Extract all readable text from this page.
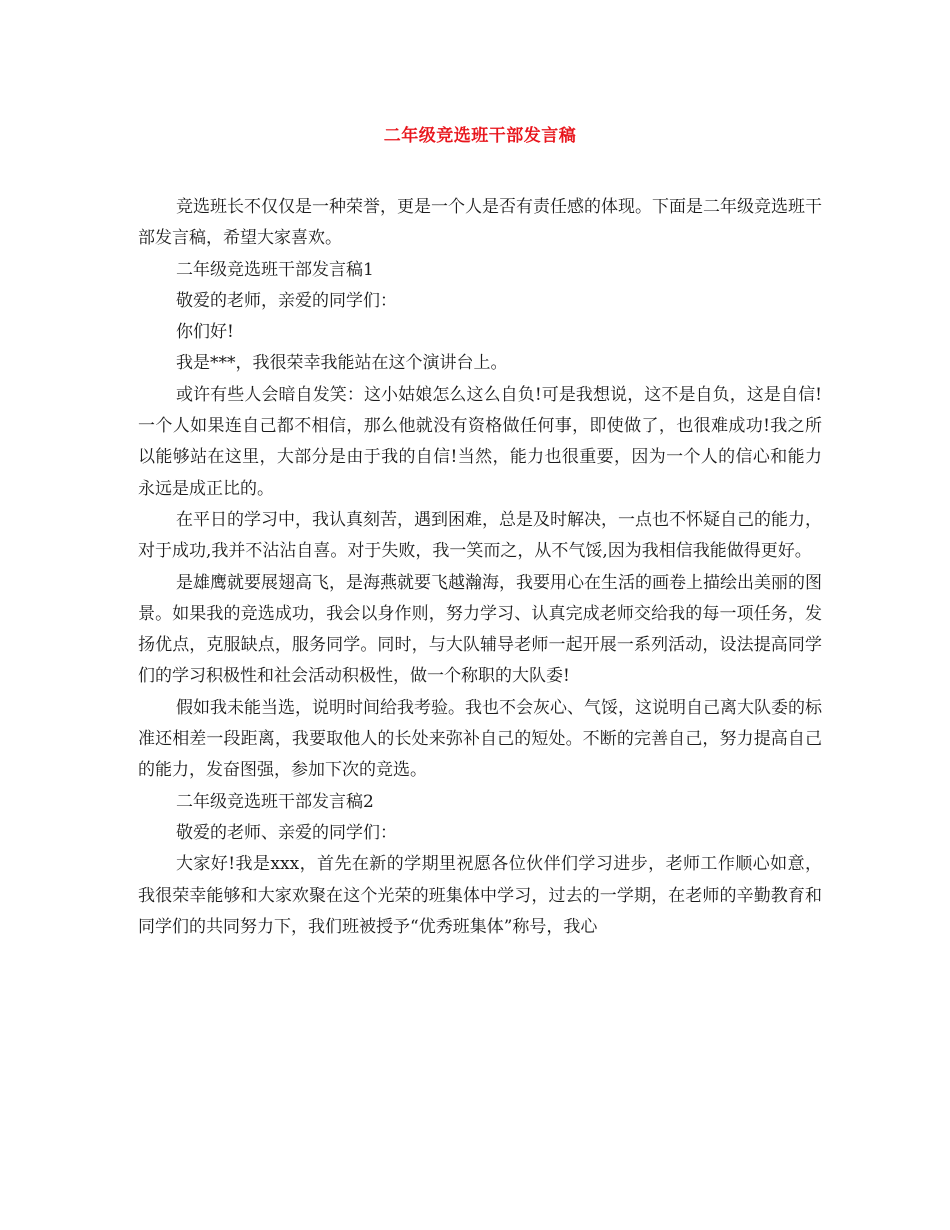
二年级竞选班干部发言稿

竞选班长不仅仅是一种荣誉，更是一个人是否有责任感的体现。下面是二年级竞选班干部发言稿，希望大家喜欢。

二年级竞选班干部发言稿1

敬爱的老师，亲爱的同学们：

你们好!

我是***，我很荣幸我能站在这个演讲台上。

或许有些人会暗自发笑：这小姑娘怎么这么自负!可是我想说，这不是自负，这是自信!一个人如果连自己都不相信，那么他就没有资格做任何事，即使做了，也很难成功!我之所以能够站在这里，大部分是由于我的自信!当然，能力也很重要，因为一个人的信心和能力永远是成正比的。

在平日的学习中，我认真刻苦，遇到困难，总是及时解决，一点也不怀疑自己的能力，对于成功,我并不沾沾自喜。对于失败，我一笑而之，从不气馁,因为我相信我能做得更好。

是雄鹰就要展翅高飞，是海燕就要飞越瀚海，我要用心在生活的画卷上描绘出美丽的图景。如果我的竞选成功，我会以身作则，努力学习、认真完成老师交给我的每一项任务，发扬优点，克服缺点，服务同学。同时，与大队辅导老师一起开展一系列活动，设法提高同学们的学习积极性和社会活动积极性，做一个称职的大队委!

假如我未能当选，说明时间给我考验。我也不会灰心、气馁，这说明自己离大队委的标准还相差一段距离，我要取他人的长处来弥补自己的短处。不断的完善自己，努力提高自己的能力，发奋图强，参加下次的竞选。

二年级竞选班干部发言稿2

敬爱的老师、亲爱的同学们：

大家好!我是xxx，首先在新的学期里祝愿各位伙伴们学习进步，老师工作顺心如意，我很荣幸能够和大家欢聚在这个光荣的班集体中学习，过去的一学期，在老师的辛勤教育和同学们的共同努力下，我们班被授予“优秀班集体”称号，我心
